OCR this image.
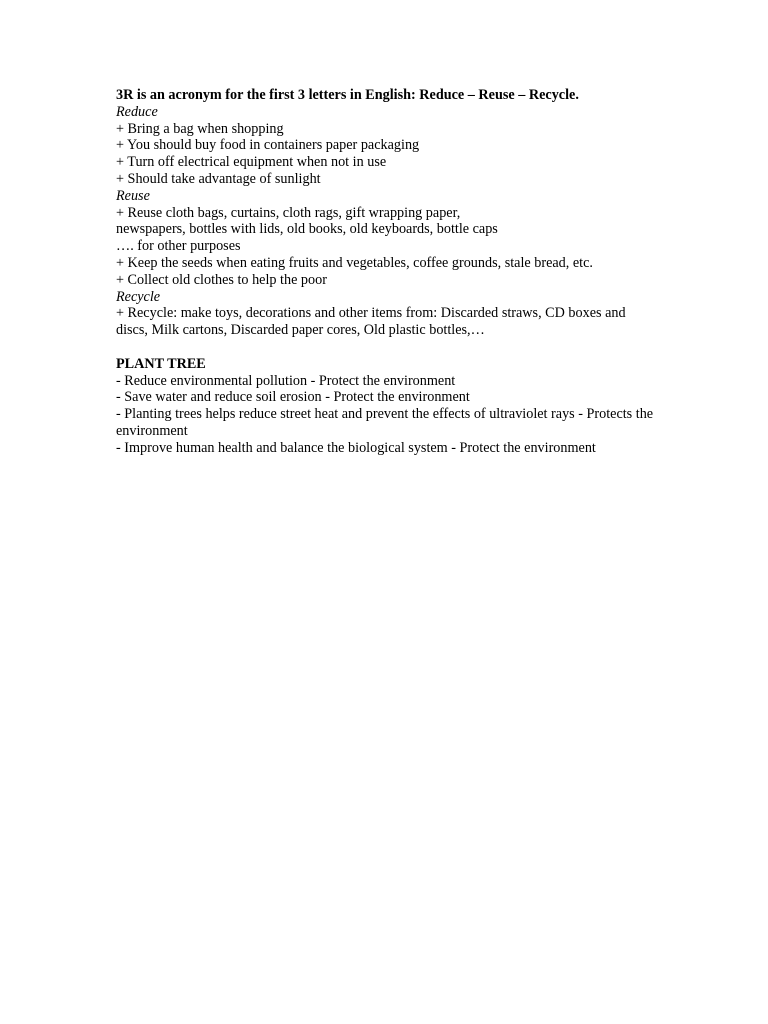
3R is an acronym for the first 3 letters in English: Reduce – Reuse – Recycle.
Reduce
+ Bring a bag when shopping
+ You should buy food in containers paper packaging
+ Turn off electrical equipment when not in use
+ Should take advantage of sunlight
Reuse
+ Reuse cloth bags, curtains, cloth rags, gift wrapping paper,
newspapers, bottles with lids, old books, old keyboards, bottle caps
…. for other purposes
+ Keep the seeds when eating fruits and vegetables, coffee grounds, stale bread, etc.
+ Collect old clothes to help the poor
Recycle
+ Recycle: make toys, decorations and other items from: Discarded straws, CD boxes and discs, Milk cartons, Discarded paper cores, Old plastic bottles,…
PLANT TREE
- Reduce environmental pollution - Protect the environment
- Save water and reduce soil erosion - Protect the environment
- Planting trees helps reduce street heat and prevent the effects of ultraviolet rays - Protects the environment
- Improve human health and balance the biological system - Protect the environment
